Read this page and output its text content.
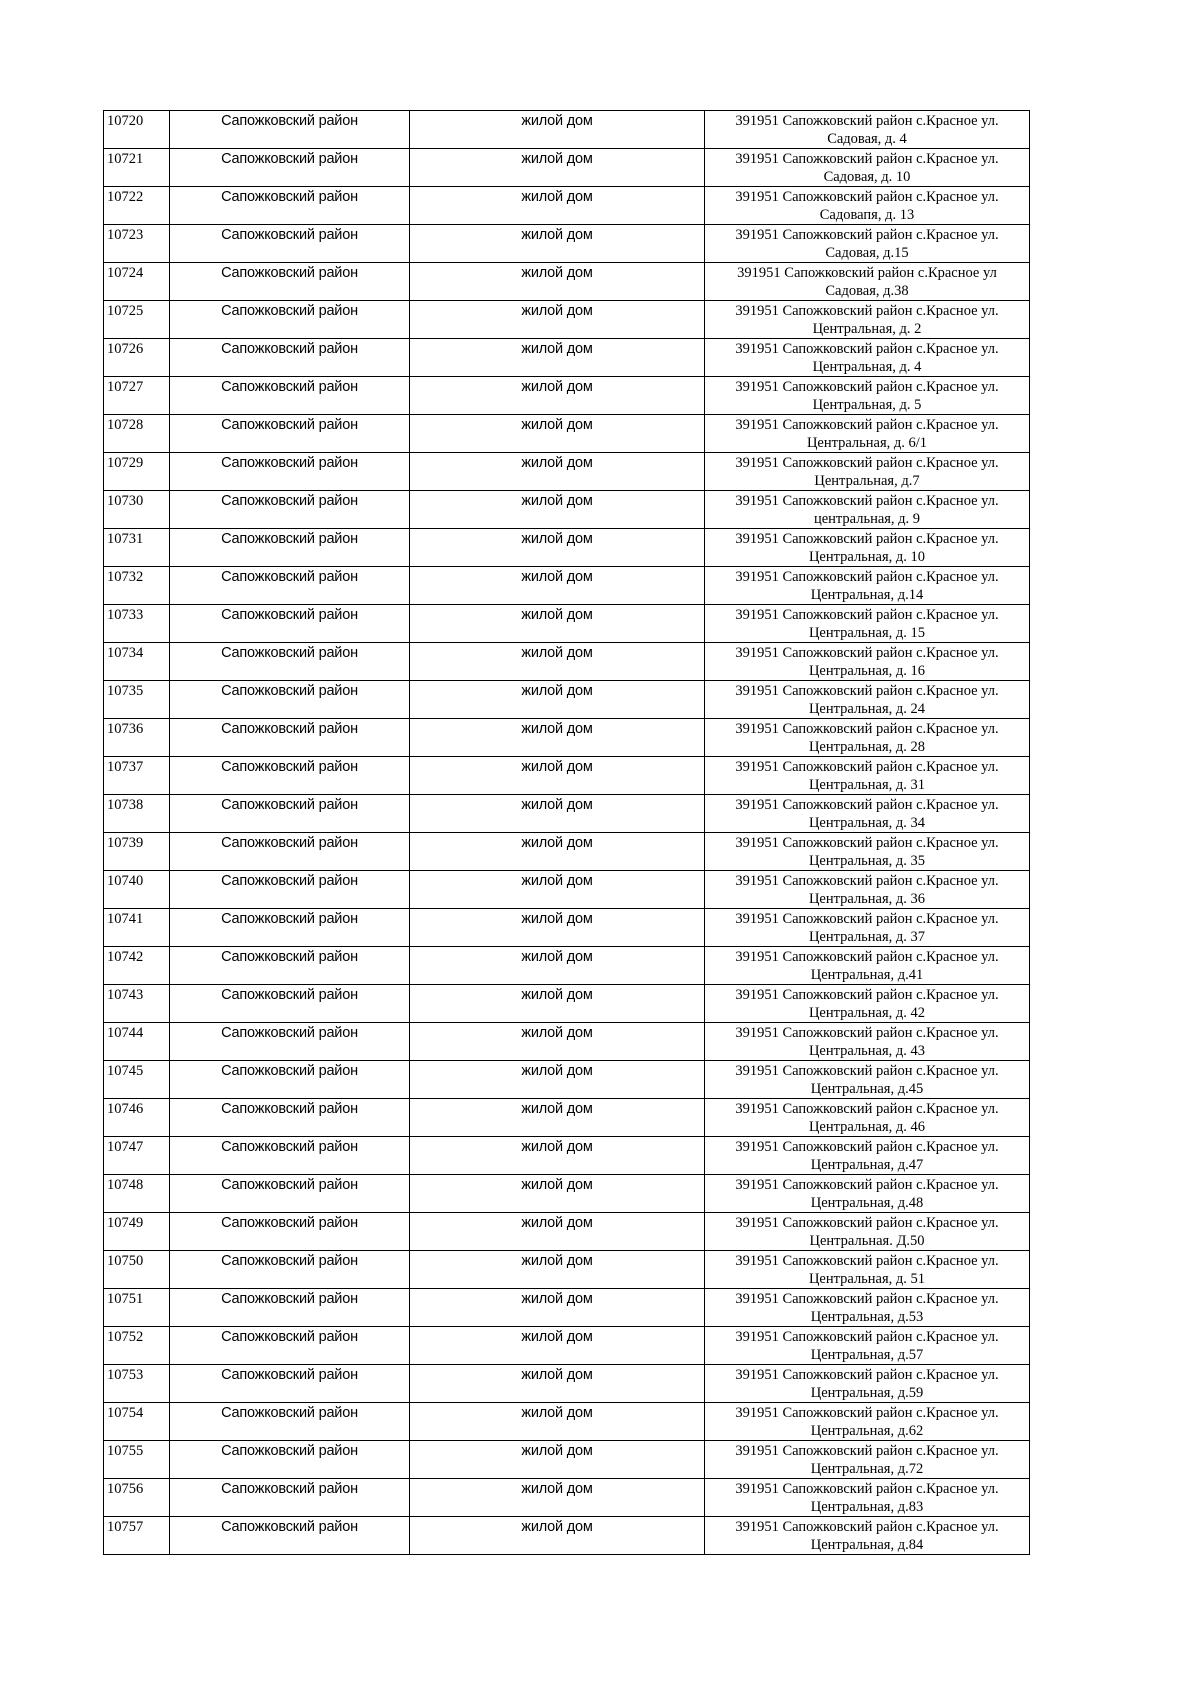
10720	Сапожковский район	жилой дом	391951 Сапожковский район с.Красное ул.
Садовая, д. 4

10721	Сапожковский район	жилой дом	391951 Сапожковский район с.Красное ул.
Садовая, д. 10

10722	Сапожковский район	жилой дом	391951 Сапожковский район с.Красное ул.
Садовапя, д. 13

10723	Сапожковский район	жилой дом	391951 Сапожковский район с.Красное ул.
Садовая, д.15

10724	Сапожковский район	жилой дом	391951 Сапожковский район с.Красное ул
Садовая, д.38

10725	Сапожковский район	жилой дом	391951 Сапожковский район с.Красное ул.
Центральная, д. 2

10726	Сапожковский район	жилой дом	391951 Сапожковский район с.Красное ул.
Центральная, д. 4

10727	Сапожковский район	жилой дом	391951 Сапожковский район с.Красное ул.
Центральная, д. 5

10728	Сапожковский район	жилой дом	391951 Сапожковский район с.Красное ул.
Центральная, д. 6/1

10729	Сапожковский район	жилой дом	391951 Сапожковский район с.Красное ул.
Центральная, д.7

10730	Сапожковский район	жилой дом	391951 Сапожковский район с.Красное ул.
центральная, д. 9

10731	Сапожковский район	жилой дом	391951 Сапожковский район с.Красное ул.
Центральная, д. 10

10732	Сапожковский район	жилой дом	391951 Сапожковский район с.Красное ул.
Центральная, д.14

10733	Сапожковский район	жилой дом	391951 Сапожковский район с.Красное ул.
Центральная, д. 15

10734	Сапожковский район	жилой дом	391951 Сапожковский район с.Красное ул.
Центральная, д. 16

10735	Сапожковский район	жилой дом	391951 Сапожковский район с.Красное ул.
Центральная, д. 24

10736	Сапожковский район	жилой дом	391951 Сапожковский район с.Красное ул.
Центральная, д. 28

10737	Сапожковский район	жилой дом	391951 Сапожковский район с.Красное ул.
Центральная, д. 31

10738	Сапожковский район	жилой дом	391951 Сапожковский район с.Красное ул.
Центральная, д. 34

10739	Сапожковский район	жилой дом	391951 Сапожковский район с.Красное ул.
Центральная, д. 35

10740	Сапожковский район	жилой дом	391951 Сапожковский район с.Красное ул.
Центральная, д. 36

10741	Сапожковский район	жилой дом	391951 Сапожковский район с.Красное ул.
Центральная, д. 37

10742	Сапожковский район	жилой дом	391951 Сапожковский район с.Красное ул.
Центральная, д.41

10743	Сапожковский район	жилой дом	391951 Сапожковский район с.Красное ул.
Центральная, д. 42

10744	Сапожковский район	жилой дом	391951 Сапожковский район с.Красное ул.
Центральная, д. 43

10745	Сапожковский район	жилой дом	391951 Сапожковский район с.Красное ул.
Центральная, д.45

10746	Сапожковский район	жилой дом	391951 Сапожковский район с.Красное ул.
Центральная, д. 46

10747	Сапожковский район	жилой дом	391951 Сапожковский район с.Красное ул.
Центральная, д.47

10748	Сапожковский район	жилой дом	391951 Сапожковский район с.Красное ул.
Центральная, д.48

10749	Сапожковский район	жилой дом	391951 Сапожковский район с.Красное ул.
Центральная. Д.50

10750	Сапожковский район	жилой дом	391951 Сапожковский район с.Красное ул.
Центральная, д. 51

10751	Сапожковский район	жилой дом	391951 Сапожковский район с.Красное ул.
Центральная, д.53

10752	Сапожковский район	жилой дом	391951 Сапожковский район с.Красное ул.
Центральная, д.57

10753	Сапожковский район	жилой дом	391951 Сапожковский район с.Красное ул.
Центральная, д.59

10754	Сапожковский район	жилой дом	391951 Сапожковский район с.Красное ул.
Центральная, д.62

10755	Сапожковский район	жилой дом	391951 Сапожковский район с.Красное ул.
Центральная, д.72

10756	Сапожковский район	жилой дом	391951 Сапожковский район с.Красное ул.
Центральная, д.83

10757	Сапожковский район	жилой дом	391951 Сапожковский район с.Красное ул.
Центральная, д.84
